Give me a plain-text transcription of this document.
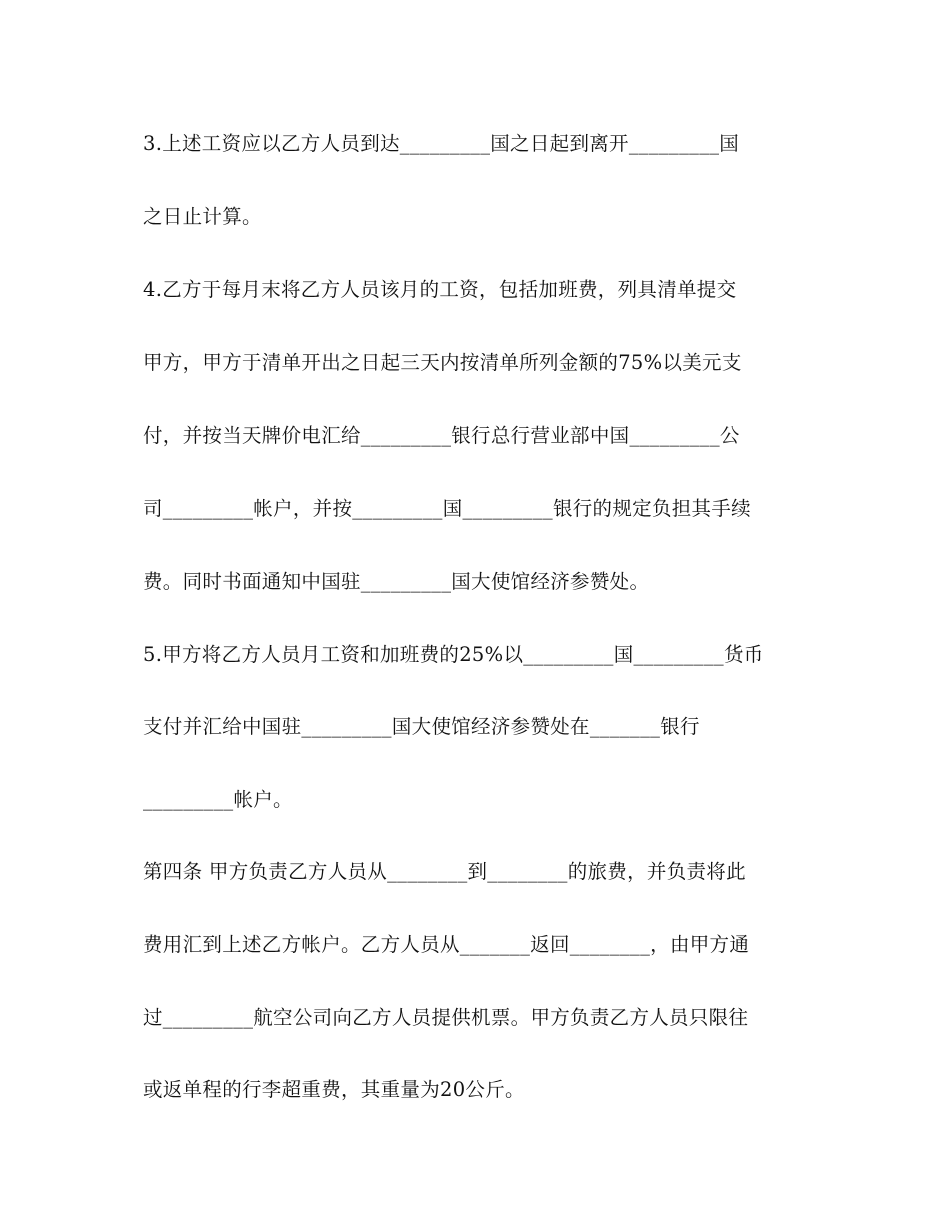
3.上述工资应以乙方人员到达_________国之日起到离开_________国
之日止计算。
4.乙方于每月末将乙方人员该月的工资，包括加班费，列具清单提交
甲方，甲方于清单开出之日起三天内按清单所列金额的75%以美元支
付，并按当天牌价电汇给_________银行总行营业部中国_________公
司_________帐户，并按_________国_________银行的规定负担其手续
费。同时书面通知中国驻_________国大使馆经济参赞处。
5.甲方将乙方人员月工资和加班费的25%以_________国_________货币
支付并汇给中国驻_________国大使馆经济参赞处在_______银行
_________帐户。
第四条 甲方负责乙方人员从________到________的旅费，并负责将此
费用汇到上述乙方帐户。乙方人员从_______返回________，由甲方通
过_________航空公司向乙方人员提供机票。甲方负责乙方人员只限往
或返单程的行李超重费，其重量为20公斤。
